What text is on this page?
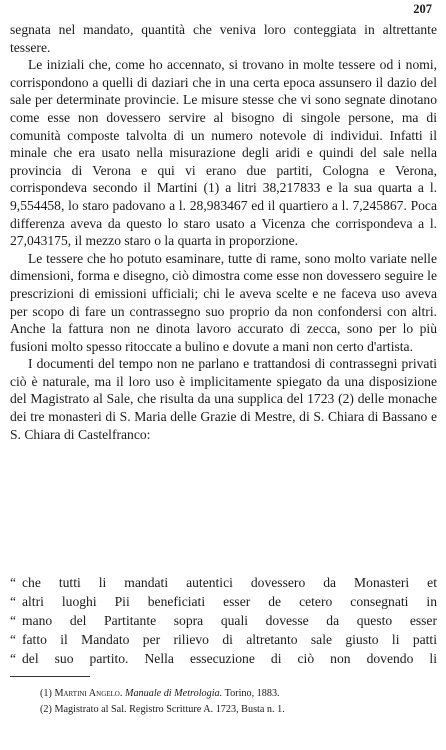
207

segnata nel mandato, quantità che veniva loro conteggiata in altrettante tessere.

Le iniziali che, come ho accennato, si trovano in molte tessere od i nomi, corrispondono a quelli di daziari che in una certa epoca assunsero il dazio del sale per determinate provincie. Le misure stesse che vi sono segnate dinotano come esse non dovessero servire al bisogno di singole persone, ma di comunità composte talvolta di un numero notevole di individui. Infatti il minale che era usato nella misurazione degli aridi e quindi del sale nella provincia di Verona e qui vi erano due partiti, Cologna e Verona, corrispondeva secondo il Martini (1) a litri 38,217833 e la sua quarta a l. 9,554458, lo staro padovano a l. 28,983467 ed il quartiero a l. 7,245867. Poca differenza aveva da questo lo staro usato a Vicenza che corrispondeva a l. 27,043175, il mezzo staro o la quarta in proporzione.

Le tessere che ho potuto esaminare, tutte di rame, sono molto variate nelle dimensioni, forma e disegno, ciò dimostra come esse non dovessero seguire le prescrizioni di emissioni ufficiali; chi le aveva scelte e ne faceva uso aveva per scopo di fare un contrassegno suo proprio da non confondersi con altri. Anche la fattura non ne dinota lavoro accurato di zecca, sono per lo più fusioni molto spesso ritoccate a bulino e dovute a mani non certo d'artista.

I documenti del tempo non ne parlano e trattandosi di contrassegni privati ciò è naturale, ma il loro uso è implicitamente spiegato da una disposizione del Magistrato al Sale, che risulta da una supplica del 1723 (2) delle monache dei tre monasteri di S. Maria delle Grazie di Mestre, di S. Chiara di Bassano e S. Chiara di Castelfranco:

“ che tutti li mandati autentici dovessero da Monasteri et
“ altri luoghi Pii beneficiati esser de cetero consegnati in
“ mano del Partitante sopra quali dovesse da questo esser
“ fatto il Mandato per rilievo di altretanto sale giusto li patti
“ del suo partito. Nella essecuzione di ciò non dovendo li
(1) Martini Angelo. Manuale di Metrologia. Torino, 1883.
(2) Magistrato al Sal. Registro Scritture A. 1723, Busta n. 1.
